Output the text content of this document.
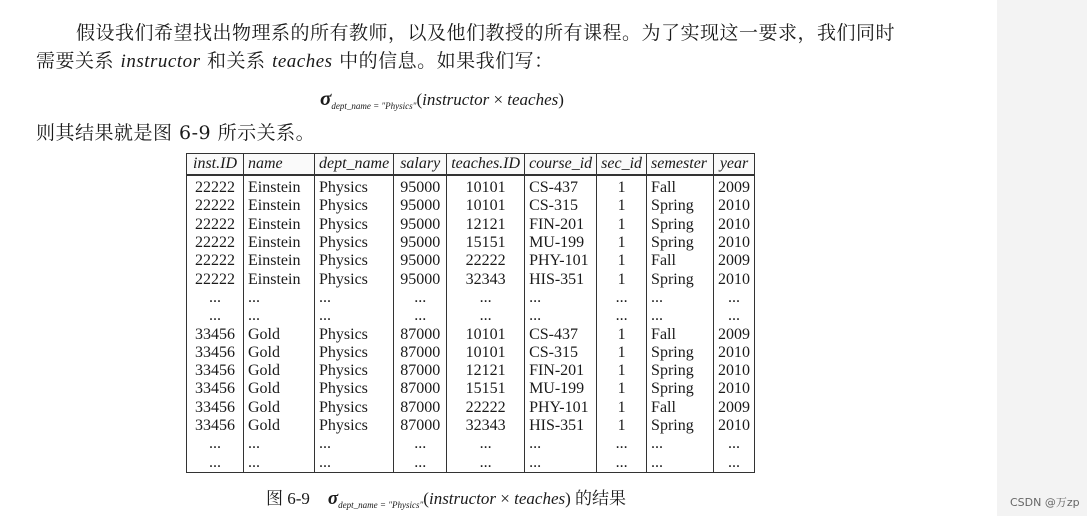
假设我们希望找出物理系的所有教师，以及他们教授的所有课程。为了实现这一要求，我们同时
需要关系 instructor 和关系 teaches 中的信息。如果我们写：
$\sigma_{dept\_name = "Physics"}(instructor$ × teaches)
则其结果就是图 6-9 所示关系。
inst.ID	name	dept_name	salary	teaches.ID	course_id	sec_id	semester	year
22222	Einstein	Physics	95000	10101	CS-437	1	Fall	2009
22222	Einstein	Physics	95000	10101	CS-315	1	Spring	2010
22222	Einstein	Physics	95000	12121	FIN-201	1	Spring	2010
22222	Einstein	Physics	95000	15151	MU-199	1	Spring	2010
22222	Einstein	Physics	95000	22222	PHY-101	1	Fall	2009
22222	Einstein	Physics	95000	32343	HIS-351	1	Spring	2010
...	...	...	...	...	...	...	...	...
...	...	...	...	...	...	...	...	...
33456	Gold	Physics	87000	10101	CS-437	1	Fall	2009
33456	Gold	Physics	87000	10101	CS-315	1	Spring	2010
33456	Gold	Physics	87000	12121	FIN-201	1	Spring	2010
33456	Gold	Physics	87000	15151	MU-199	1	Spring	2010
33456	Gold	Physics	87000	22222	PHY-101	1	Fall	2009
33456	Gold	Physics	87000	32343	HIS-351	1	Spring	2010
...	...	...	...	...	...	...	...	...
...	...	...	...	...	...	...	...	...
图 6-9 $\sigma_{dept\_name = "Physics"}(instructor$ × teaches) 的结果	CSDN @万zp
